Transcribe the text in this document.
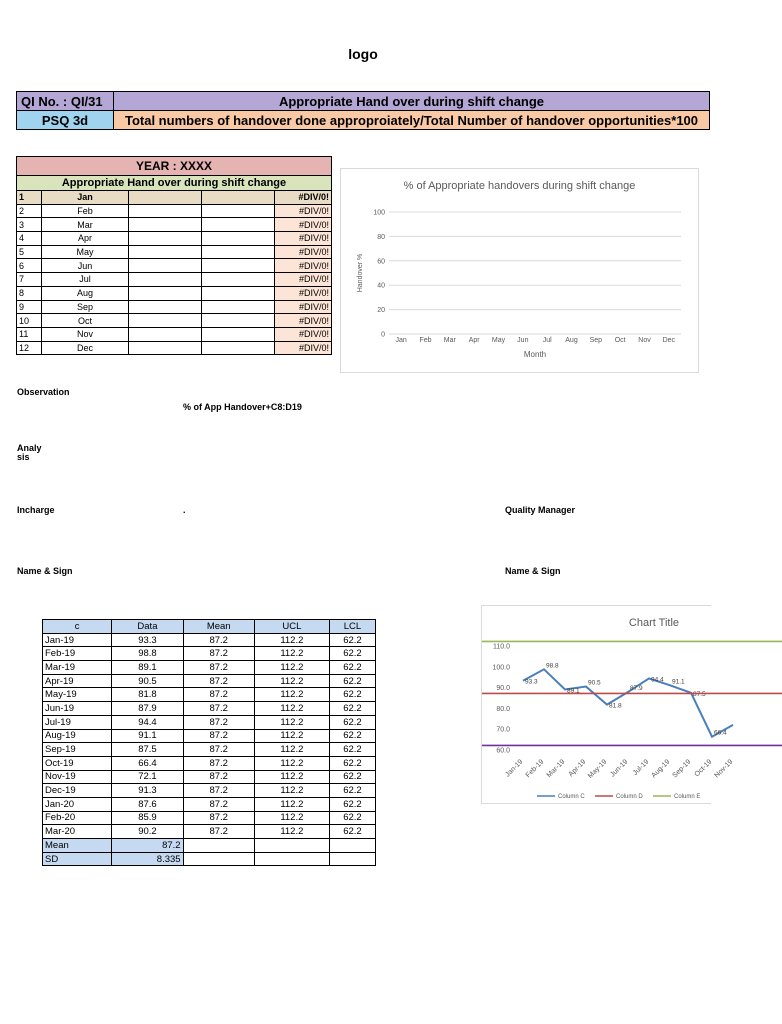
logo
QI No. : QI/31	Appropriate Hand over during shift change
PSQ 3d	Total numbers of handover done approproiately/Total Number of handover opportunities*100
YEAR : XXXX				
Appropriate Hand over during shift change				
1	Jan			#DIV/0!
2	Feb			#DIV/0!
3	Mar			#DIV/0!
4	Apr			#DIV/0!
5	May			#DIV/0!
6	Jun			#DIV/0!
7	Jul			#DIV/0!
8	Aug			#DIV/0!
9	Sep			#DIV/0!
10	Oct			#DIV/0!
11	Nov			#DIV/0!
12	Dec			#DIV/0!
% of Appropriate handovers during shift change
0
20
40
60
80
100
Jan Feb Mar Apr May Jun Jul Aug Sep Oct Nov Dec
Month
Handover %
Observation
% of App Handover+C8:D19
Analy
sis
Incharge	.	Quality Manager
Name & Sign	Name & Sign
c	Data	Mean	UCL	LCL
Jan-19	93.3	87.2	112.2	62.2
Feb-19	98.8	87.2	112.2	62.2
Mar-19	89.1	87.2	112.2	62.2
Apr-19	90.5	87.2	112.2	62.2
May-19	81.8	87.2	112.2	62.2
Jun-19	87.9	87.2	112.2	62.2
Jul-19	94.4	87.2	112.2	62.2
Aug-19	91.1	87.2	112.2	62.2
Sep-19	87.5	87.2	112.2	62.2
Oct-19	66.4	87.2	112.2	62.2
Nov-19	72.1	87.2	112.2	62.2
Dec-19	91.3	87.2	112.2	62.2
Jan-20	87.6	87.2	112.2	62.2
Feb-20	85.9	87.2	112.2	62.2
Mar-20	90.2	87.2	112.2	62.2
Mean	87.2			
SD	8.335			
Chart Title
60.0
70.0
80.0
90.0
100.0
110.0
Jan-19 Feb-19 Mar-19 Apr-19 May-19 Jun-19 Jul-19 Aug-19 Sep-19 Oct-19 Nov-19
93.3
98.8
89.1
90.5
81.8
87.9
94.4 91.1
87.5
66.4
Column C	Column D	Column E
